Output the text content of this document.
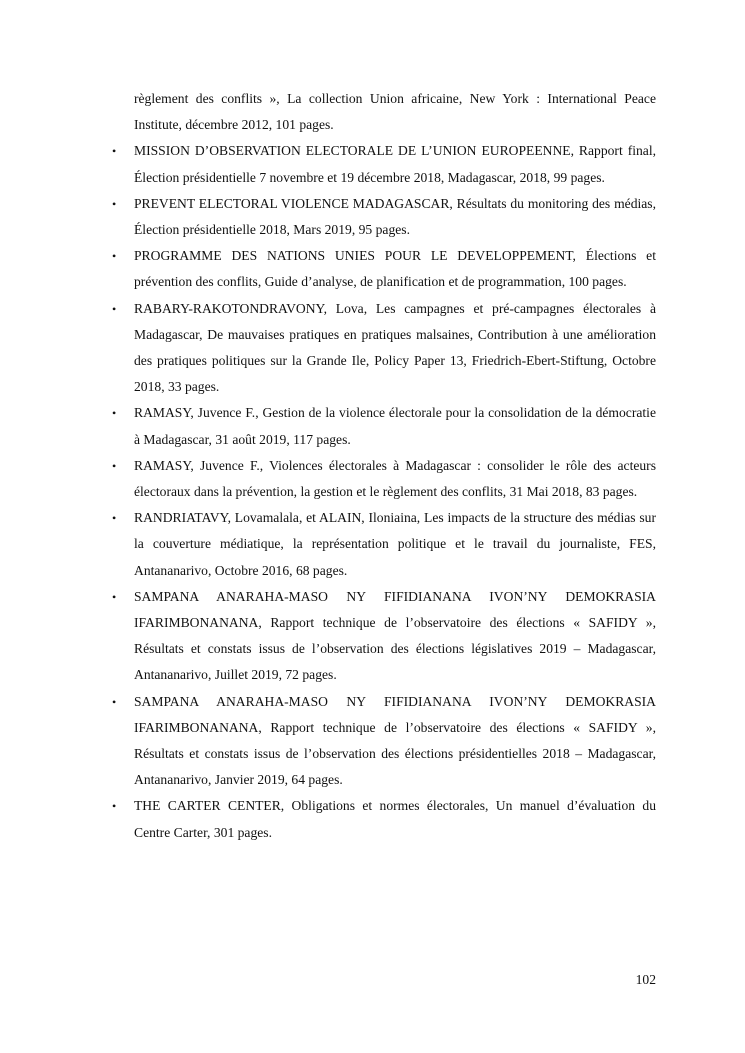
règlement des conflits », La collection Union africaine, New York : International Peace Institute, décembre 2012, 101 pages.

•	MISSION D’OBSERVATION ELECTORALE DE L’UNION EUROPEENNE, Rapport final, Élection présidentielle 7 novembre et 19 décembre 2018, Madagascar, 2018, 99 pages.
•	PREVENT ELECTORAL VIOLENCE MADAGASCAR, Résultats du monitoring des médias, Élection présidentielle 2018, Mars 2019, 95 pages.
•	PROGRAMME DES NATIONS UNIES POUR LE DEVELOPPEMENT, Élections et prévention des conflits, Guide d’analyse, de planification et de programmation, 100 pages.
•	RABARY-RAKOTONDRAVONY, Lova, Les campagnes et pré-campagnes électorales à Madagascar, De mauvaises pratiques en pratiques malsaines, Contribution à une amélioration des pratiques politiques sur la Grande Ile, Policy Paper 13, Friedrich-Ebert-Stiftung, Octobre 2018, 33 pages.
•	RAMASY, Juvence F., Gestion de la violence électorale pour la consolidation de la démocratie à Madagascar, 31 août 2019, 117 pages.
•	RAMASY, Juvence F., Violences électorales à Madagascar : consolider le rôle des acteurs électoraux dans la prévention, la gestion et le règlement des conflits, 31 Mai 2018, 83 pages.
•	RANDRIATAVY, Lovamalala, et ALAIN, Iloniaina, Les impacts de la structure des médias sur la couverture médiatique, la représentation politique et le travail du journaliste, FES, Antananarivo, Octobre 2016, 68 pages.
•	SAMPANA ANARAHA-MASO NY FIFIDIANANA IVON’NY DEMOKRASIA IFARIMBONANANA, Rapport technique de l’observatoire des élections « SAFIDY », Résultats et constats issus de l’observation des élections législatives 2019 – Madagascar, Antananarivo, Juillet 2019, 72 pages.
•	SAMPANA ANARAHA-MASO NY FIFIDIANANA IVON’NY DEMOKRASIA IFARIMBONANANA, Rapport technique de l’observatoire des élections « SAFIDY », Résultats et constats issus de l’observation des élections présidentielles 2018 – Madagascar, Antananarivo, Janvier 2019, 64 pages.
•	THE CARTER CENTER, Obligations et normes électorales, Un manuel d’évaluation du Centre Carter, 301 pages.
102
